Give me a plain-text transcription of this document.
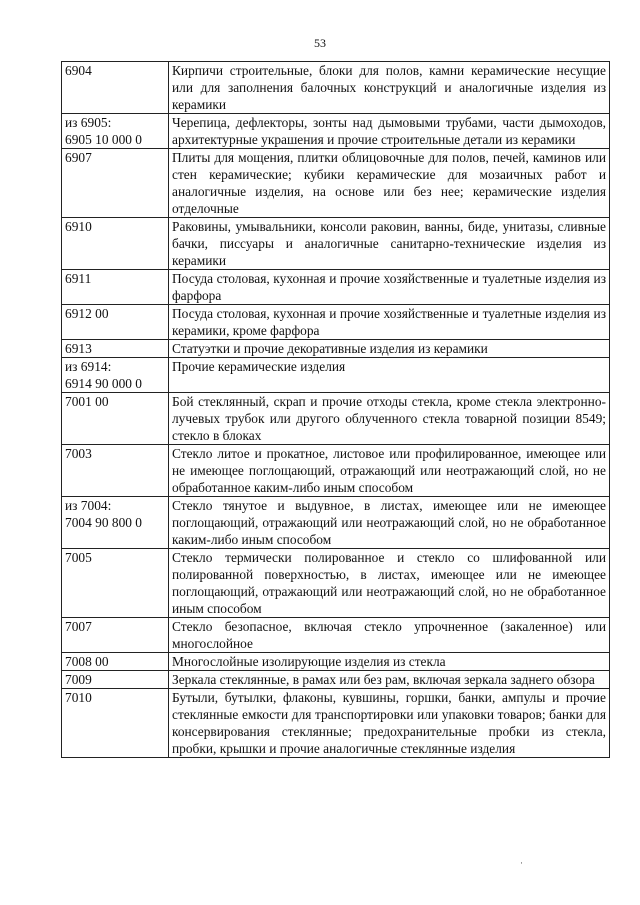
53
6904	Кирпичи строительные, блоки для полов, камни керамические несущие или для заполнения балочных конструкций и аналогичные изделия из керамики
из 6905:
6905 10 000 0	Черепица, дефлекторы, зонты над дымовыми трубами, части дымоходов, архитектурные украшения и прочие строительные детали из керамики
6907	Плиты для мощения, плитки облицовочные для полов, печей, каминов или стен керамические; кубики керамические для мозаичных работ и аналогичные изделия, на основе или без нее; керамические изделия отделочные
6910	Раковины, умывальники, консоли раковин, ванны, биде, унитазы, сливные бачки, писсуары и аналогичные санитарно-технические изделия из керамики
6911	Посуда столовая, кухонная и прочие хозяйственные и туалетные изделия из фарфора
6912 00	Посуда столовая, кухонная и прочие хозяйственные и туалетные изделия из керамики, кроме фарфора
6913	Статуэтки и прочие декоративные изделия из керамики
из 6914:
6914 90 000 0	Прочие керамические изделия
7001 00	Бой стеклянный, скрап и прочие отходы стекла, кроме стекла электронно-лучевых трубок или другого облученного стекла товарной позиции 8549; стекло в блоках
7003	Стекло литое и прокатное, листовое или профилированное, имеющее или не имеющее поглощающий, отражающий или неотражающий слой, но не обработанное каким-либо иным способом
из 7004:
7004 90 800 0	Стекло тянутое и выдувное, в листах, имеющее или не имеющее поглощающий, отражающий или неотражающий слой, но не обработанное каким-либо иным способом
7005	Стекло термически полированное и стекло со шлифованной или полированной поверхностью, в листах, имеющее или не имеющее поглощающий, отражающий или неотражающий слой, но не обработанное иным способом
7007	Стекло безопасное, включая стекло упрочненное (закаленное) или многослойное
7008 00	Многослойные изолирующие изделия из стекла
7009	Зеркала стеклянные, в рамах или без рам, включая зеркала заднего обзора
7010	Бутыли, бутылки, флаконы, кувшины, горшки, банки, ампулы и прочие стеклянные емкости для транспортировки или упаковки товаров; банки для консервирования стеклянные; предохранительные пробки из стекла, пробки, крышки и прочие аналогичные стеклянные изделия
·
